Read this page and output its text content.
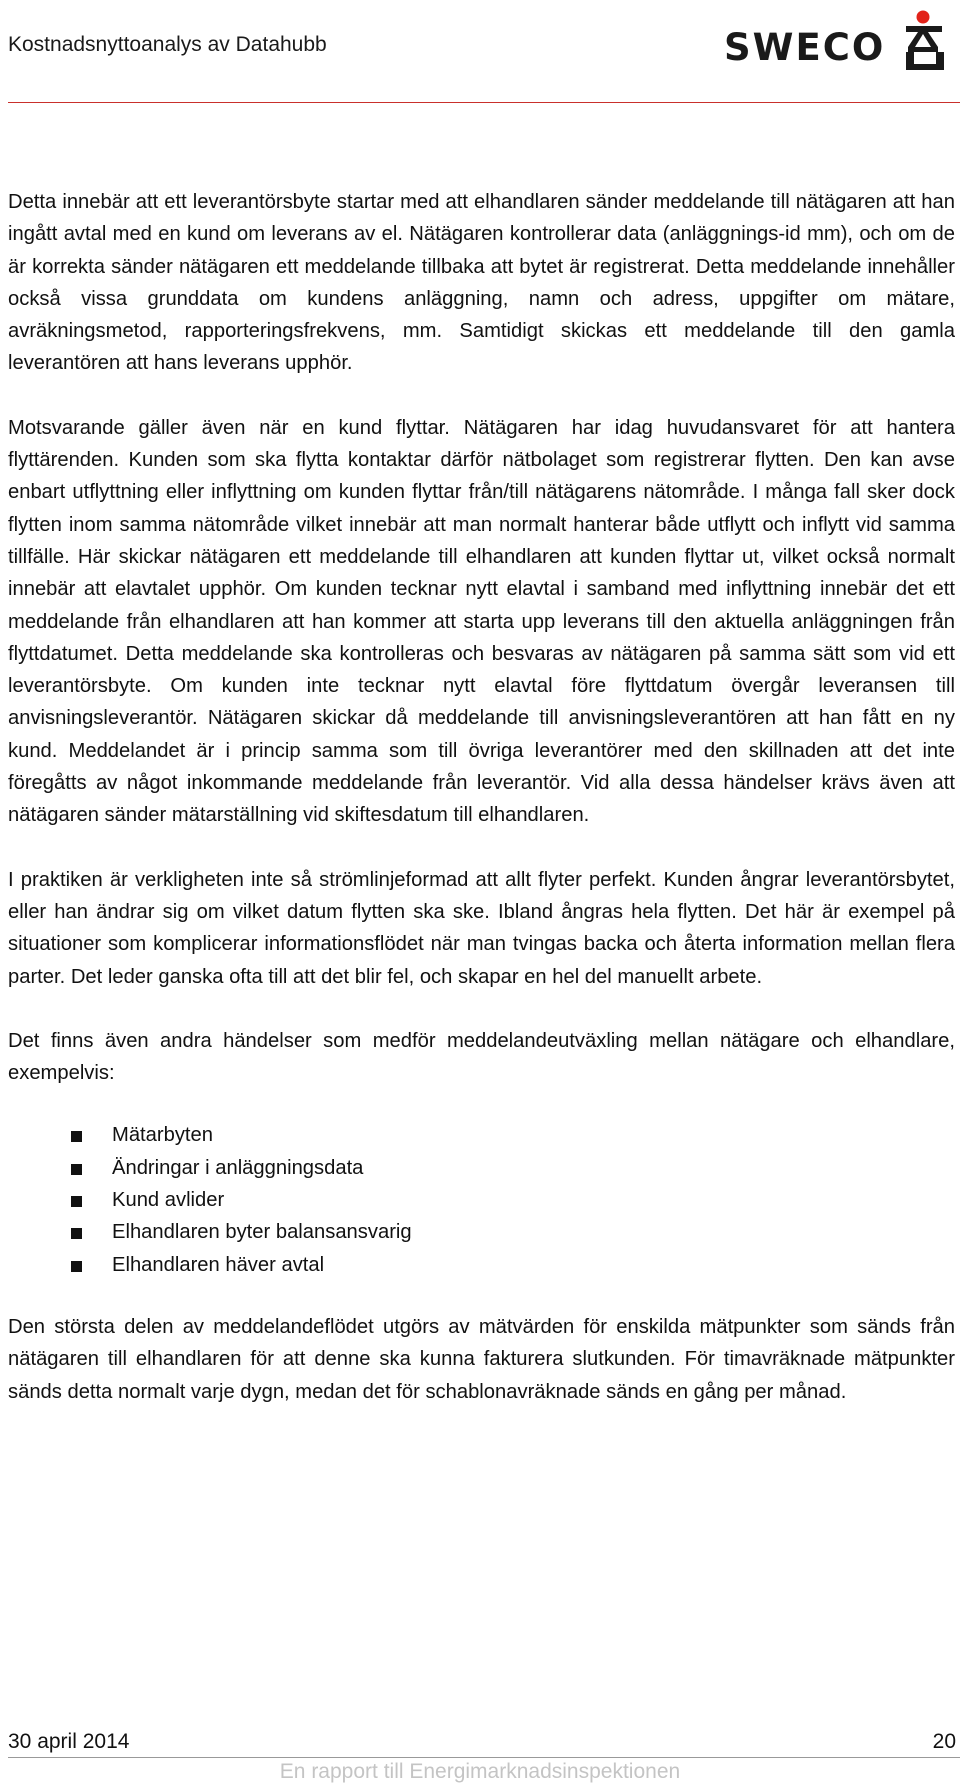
Kostnadsnyttoanalys av Datahubb	SWECO

Detta innebär att ett leverantörsbyte startar med att elhandlaren sänder meddelande till nätägaren att han ingått avtal med en kund om leverans av el. Nätägaren kontrollerar data (anläggnings-id mm), och om de är korrekta sänder nätägaren ett meddelande tillbaka att bytet är registrerat. Detta meddelande innehåller också vissa grunddata om kundens anläggning, namn och adress, uppgifter om mätare, avräkningsmetod, rapporteringsfrekvens, mm. Samtidigt skickas ett meddelande till den gamla leverantören att hans leverans upphör.

Motsvarande gäller även när en kund flyttar. Nätägaren har idag huvudansvaret för att hantera flyttärenden. Kunden som ska flytta kontaktar därför nätbolaget som registrerar flytten. Den kan avse enbart utflyttning eller inflyttning om kunden flyttar från/till nätägarens nätområde. I många fall sker dock flytten inom samma nätområde vilket innebär att man normalt hanterar både utflytt och inflytt vid samma tillfälle. Här skickar nätägaren ett meddelande till elhandlaren att kunden flyttar ut, vilket också normalt innebär att elavtalet upphör. Om kunden tecknar nytt elavtal i samband med inflyttning innebär det ett meddelande från elhandlaren att han kommer att starta upp leverans till den aktuella anläggningen från flyttdatumet. Detta meddelande ska kontrolleras och besvaras av nätägaren på samma sätt som vid ett leverantörsbyte. Om kunden inte tecknar nytt elavtal före flyttdatum övergår leveransen till anvisningsleverantör. Nätägaren skickar då meddelande till anvisningsleverantören att han fått en ny kund. Meddelandet är i princip samma som till övriga leverantörer med den skillnaden att det inte föregåtts av något inkommande meddelande från leverantör. Vid alla dessa händelser krävs även att nätägaren sänder mätarställning vid skiftesdatum till elhandlaren.

I praktiken är verkligheten inte så strömlinjeformad att allt flyter perfekt. Kunden ångrar leverantörsbytet, eller han ändrar sig om vilket datum flytten ska ske. Ibland ångras hela flytten. Det här är exempel på situationer som komplicerar informationsflödet när man tvingas backa och återta information mellan flera parter. Det leder ganska ofta till att det blir fel, och skapar en hel del manuellt arbete.

Det finns även andra händelser som medför meddelandeutväxling mellan nätägare och elhandlare, exempelvis:

Mätarbyten
Ändringar i anläggningsdata
Kund avlider
Elhandlaren byter balansansvarig
Elhandlaren häver avtal

Den största delen av meddelandeflödet utgörs av mätvärden för enskilda mätpunkter som sänds från nätägaren till elhandlaren för att denne ska kunna fakturera slutkunden. För timavräknade mätpunkter sänds detta normalt varje dygn, medan det för schablonavräknade sänds en gång per månad.

30 april 2014	20
En rapport till Energimarknadsinspektionen
